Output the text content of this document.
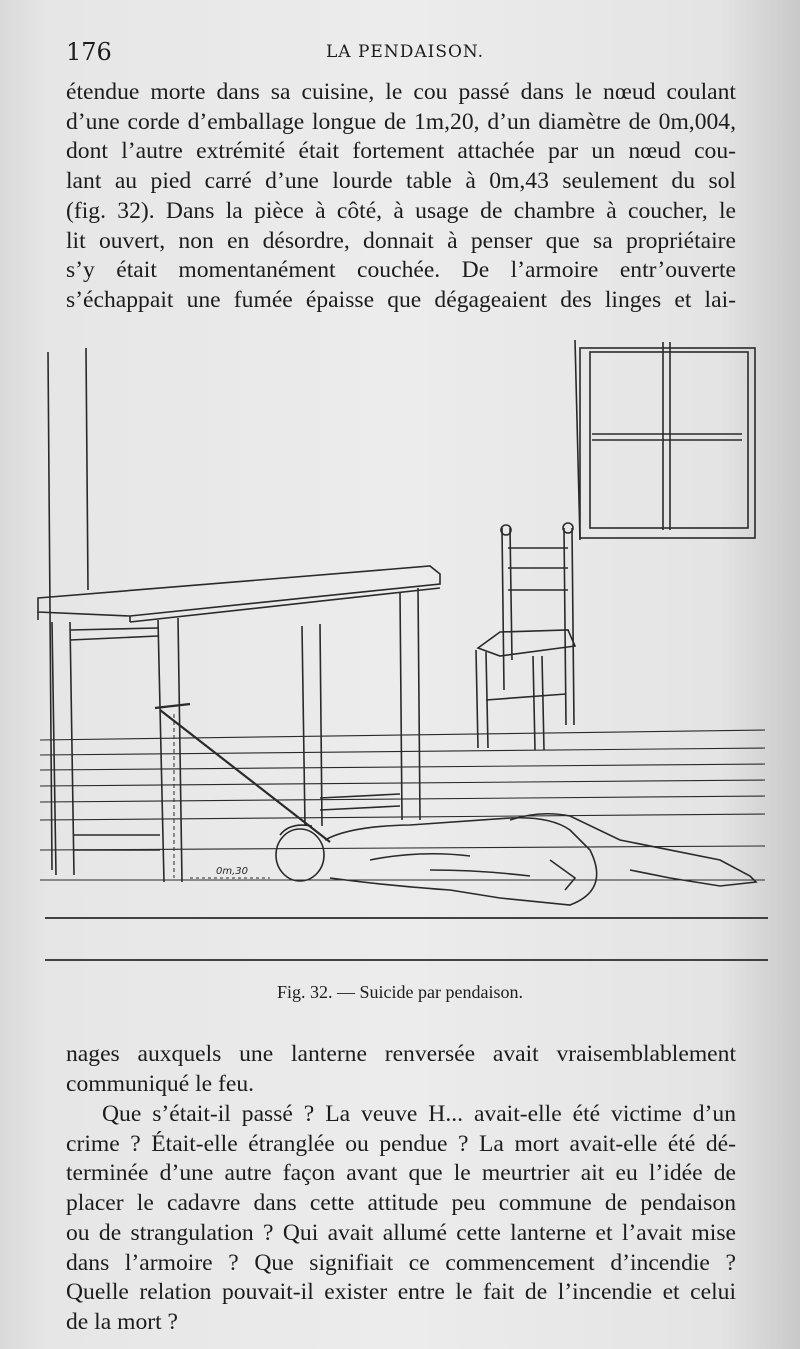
176	LA PENDAISON.

étendue morte dans sa cuisine, le cou passé dans le nœud coulant
d’une corde d’emballage longue de 1m,20, d’un diamètre de 0m,004,
dont l’autre extrémité était fortement attachée par un nœud cou-
lant au pied carré d’une lourde table à 0m,43 seulement du sol
(fig. 32). Dans la pièce à côté, à usage de chambre à coucher, le
lit ouvert, non en désordre, donnait à penser que sa propriétaire
s’y était momentanément couchée. De l’armoire entr’ouverte
s’échappait une fumée épaisse que dégageaient des linges et lai-

0m,30
Fig. 32. — Suicide par pendaison.

nages auxquels une lanterne renversée avait vraisemblablement
communiqué le feu.

Que s’était-il passé ? La veuve H... avait-elle été victime d’un
crime ? Était-elle étranglée ou pendue ? La mort avait-elle été dé-
terminée d’une autre façon avant que le meurtrier ait eu l’idée de
placer le cadavre dans cette attitude peu commune de pendaison
ou de strangulation ? Qui avait allumé cette lanterne et l’avait mise
dans l’armoire ? Que signifiait ce commencement d’incendie ?
Quelle relation pouvait-il exister entre le fait de l’incendie et celui
de la mort ?
